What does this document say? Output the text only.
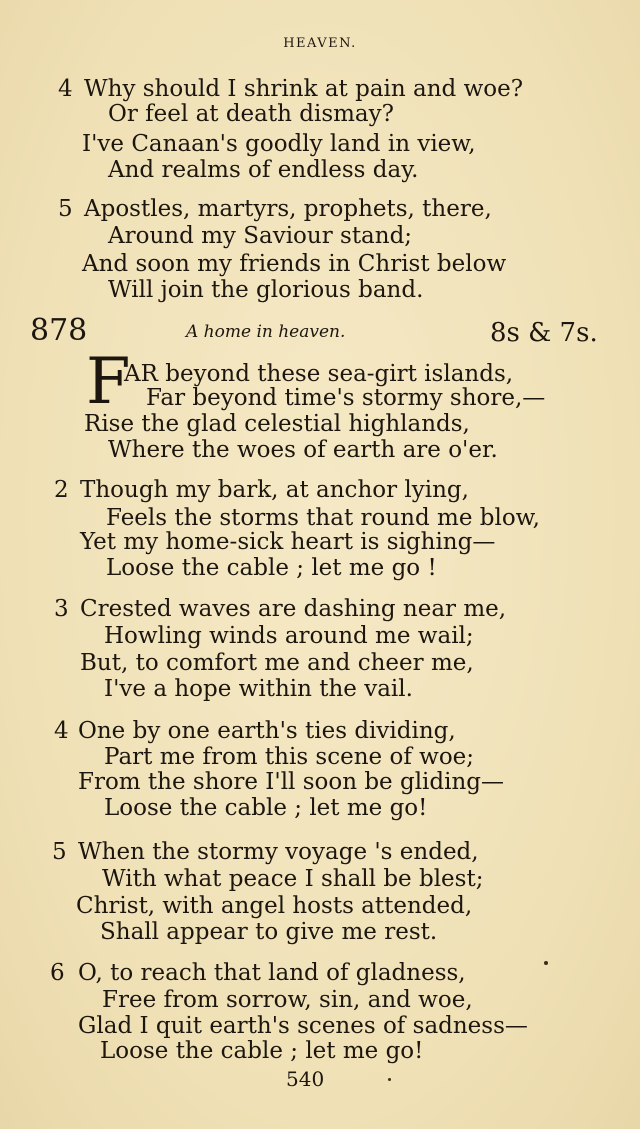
HEAVEN.
4 Why should I shrink at pain and woe?
Or feel at death dismay?
I've Canaan's goodly land in view,
And realms of endless day.
5 Apostles, martyrs, prophets, there,
Around my Saviour stand;
And soon my friends in Christ below
Will join the glorious band.
878	A home in heaven.	8s & 7s.
F
AR beyond these sea-girt islands,
Far beyond time's stormy shore,—
Rise the glad celestial highlands,
Where the woes of earth are o'er.
2 Though my bark, at anchor lying,
Feels the storms that round me blow,
Yet my home-sick heart is sighing—
Loose the cable ; let me go !
3 Crested waves are dashing near me,
Howling winds around me wail;
But, to comfort me and cheer me,
I've a hope within the vail.
4 One by one earth's ties dividing,
Part me from this scene of woe;
From the shore I'll soon be gliding—
Loose the cable ; let me go!
5 When the stormy voyage 's ended,
With what peace I shall be blest;
Christ, with angel hosts attended,
Shall appear to give me rest.
6 O, to reach that land of gladness,
Free from sorrow, sin, and woe,
Glad I quit earth's scenes of sadness—
Loose the cable ; let me go!
540
